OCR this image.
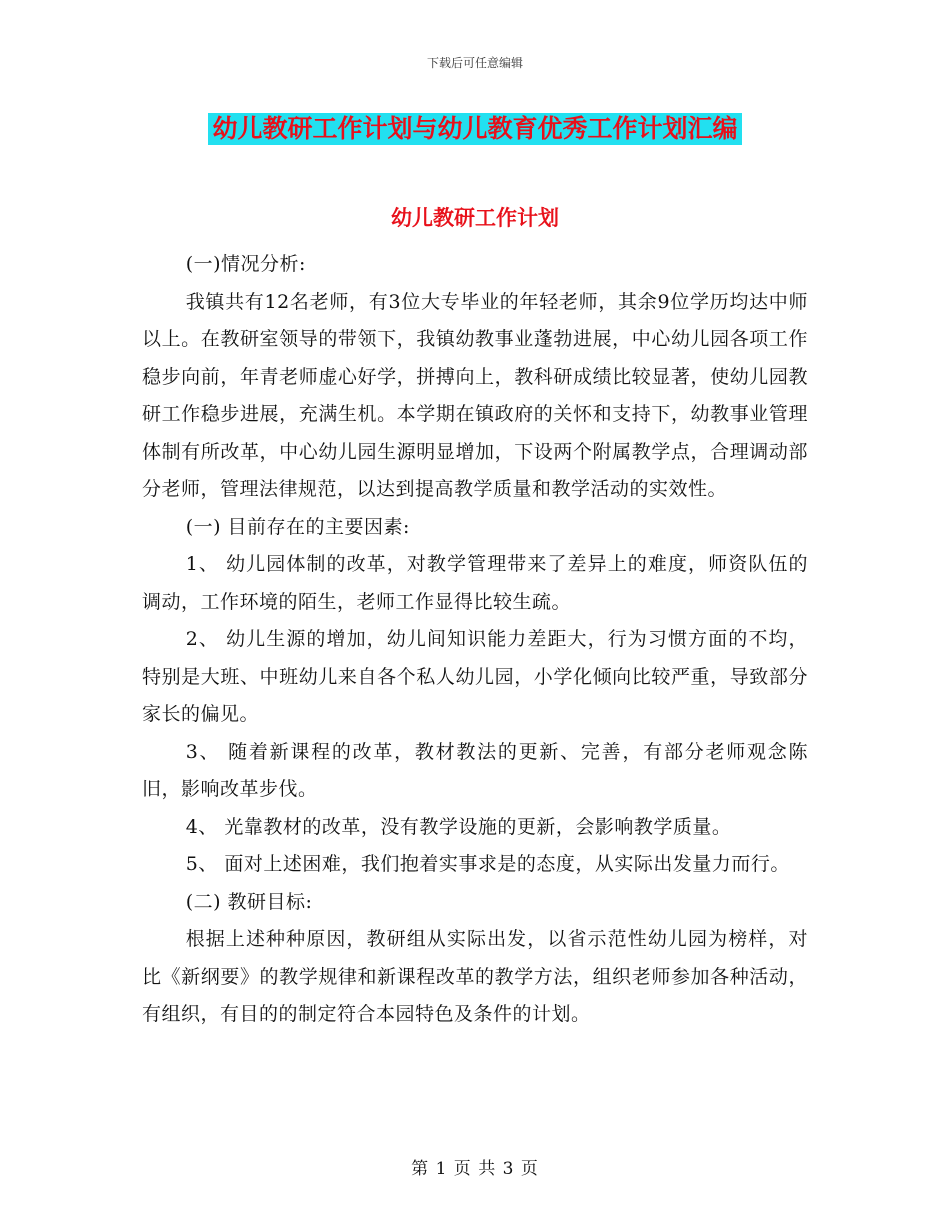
下载后可任意编辑
幼儿教研工作计划与幼儿教育优秀工作计划汇编
幼儿教研工作计划

(一)情况分析:

我镇共有12名老师，有3位大专毕业的年轻老师，其余9位学历均达中师以上。在教研室领导的带领下，我镇幼教事业蓬勃进展，中心幼儿园各项工作稳步向前，年青老师虚心好学，拼搏向上，教科研成绩比较显著，使幼儿园教研工作稳步进展，充满生机。本学期在镇政府的关怀和支持下，幼教事业管理体制有所改革，中心幼儿园生源明显增加，下设两个附属教学点，合理调动部分老师，管理法律规范，以达到提高教学质量和教学活动的实效性。

(一) 目前存在的主要因素:

1、 幼儿园体制的改革，对教学管理带来了差异上的难度，师资队伍的调动，工作环境的陌生，老师工作显得比较生疏。

2、 幼儿生源的增加，幼儿间知识能力差距大，行为习惯方面的不均，特别是大班、中班幼儿来自各个私人幼儿园，小学化倾向比较严重，导致部分家长的偏见。

3、 随着新课程的改革，教材教法的更新、完善，有部分老师观念陈旧，影响改革步伐。

4、 光靠教材的改革，没有教学设施的更新，会影响教学质量。

5、 面对上述困难，我们抱着实事求是的态度，从实际出发量力而行。

(二) 教研目标:

根据上述种种原因，教研组从实际出发，以省示范性幼儿园为榜样，对比《新纲要》的教学规律和新课程改革的教学方法，组织老师参加各种活动，有组织，有目的的制定符合本园特色及条件的计划。

第 1 页 共 3 页
